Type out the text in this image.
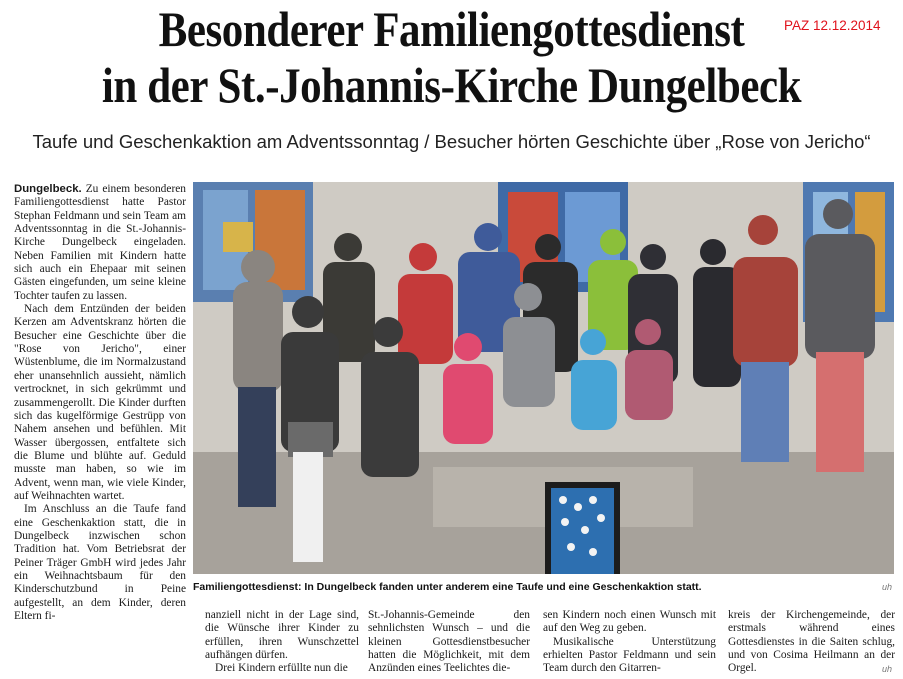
Besonderer Familiengottesdienst
in der St.-Johannis-Kirche Dungelbeck
PAZ 12.12.2014
Taufe und Geschenkaktion am Adventssonntag / Besucher hörten Geschichte über „Rose von Jericho“

Dungelbeck. Zu einem besonderen Familiengottesdienst hatte Pastor Stephan Feldmann und sein Team am Adventssonntag in die St.-Johannis-Kirche Dungelbeck eingeladen. Neben Familien mit Kindern hatte sich auch ein Ehepaar mit seinen Gästen eingefunden, um seine kleine Tochter taufen zu lassen.

Nach dem Entzünden der beiden Kerzen am Adventskranz hörten die Besucher eine Geschichte über die "Rose von Jericho", einer Wüstenblume, die im Normalzustand eher unansehnlich aussieht, nämlich vertrocknet, in sich gekrümmt und zusammengerollt. Die Kinder durften sich das kugelförmige Gestrüpp von Nahem ansehen und befühlen. Mit Wasser übergossen, entfaltete sich die Blume und blühte auf. Geduld musste man haben, so wie im Advent, wenn man, wie viele Kinder, auf Weihnachten wartet.

Im Anschluss an die Taufe fand eine Geschenkaktion statt, die in Dungelbeck inzwischen schon Tradition hat. Vom Betriebsrat der Peiner Träger GmbH wird jedes Jahr ein Weihnachtsbaum für den Kinderschutzbund in Peine aufgestellt, an dem Kinder, deren Eltern fi-

Familiengottesdienst: In Dungelbeck fanden unter anderem eine Taufe und eine Geschenkaktion statt.	uh

nanziell nicht in der Lage sind, die Wünsche ihrer Kinder zu erfüllen, ihren Wunschzettel aufhängen dürfen.

Drei Kindern erfüllte nun die

St.-Johannis-Gemeinde den sehnlichsten Wunsch – und die kleinen Gottesdienstbesucher hatten die Möglichkeit, mit dem Anzünden eines Teelichtes die-

sen Kindern noch einen Wunsch mit auf den Weg zu geben.

Musikalische Unterstützung erhielten Pastor Feldmann und sein Team durch den Gitarren-

kreis der Kirchengemeinde, der erstmals während eines Gottesdienstes in die Saiten schlug, und von Cosima Heilmann an der Orgel.	uh
